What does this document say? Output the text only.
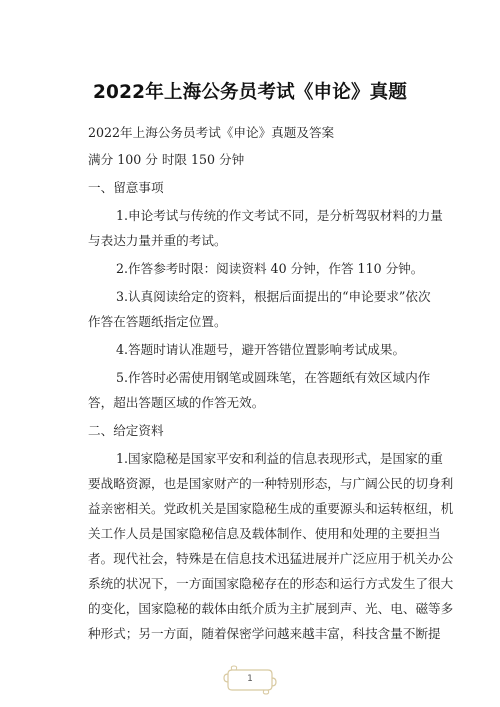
2022年上海公务员考试《申论》真题
2022年上海公务员考试《申论》真题及答案
满分 100 分 时限 150 分钟
一、留意事项
1.申论考试与传统的作文考试不同，是分析驾驭材料的力量
与表达力量并重的考试。
2.作答参考时限：阅读资料 40 分钟，作答 110 分钟。
3.认真阅读给定的资料，根据后面提出的“申论要求”依次
作答在答题纸指定位置。
4.答题时请认准题号，避开答错位置影响考试成果。
5.作答时必需使用钢笔或圆珠笔，在答题纸有效区域内作
答，超出答题区域的作答无效。
二、给定资料
1.国家隐秘是国家平安和利益的信息表现形式，是国家的重
要战略资源，也是国家财产的一种特别形态，与广阔公民的切身利
益亲密相关。党政机关是国家隐秘生成的重要源头和运转枢纽，机
关工作人员是国家隐秘信息及载体制作、使用和处理的主要担当
者。现代社会，特殊是在信息技术迅猛进展并广泛应用于机关办公
系统的状况下，一方面国家隐秘存在的形态和运行方式发生了很大
的变化，国家隐秘的载体由纸介质为主扩展到声、光、电、磁等多
种形式；另一方面，随着保密学问越来越丰富，科技含量不断提
1
